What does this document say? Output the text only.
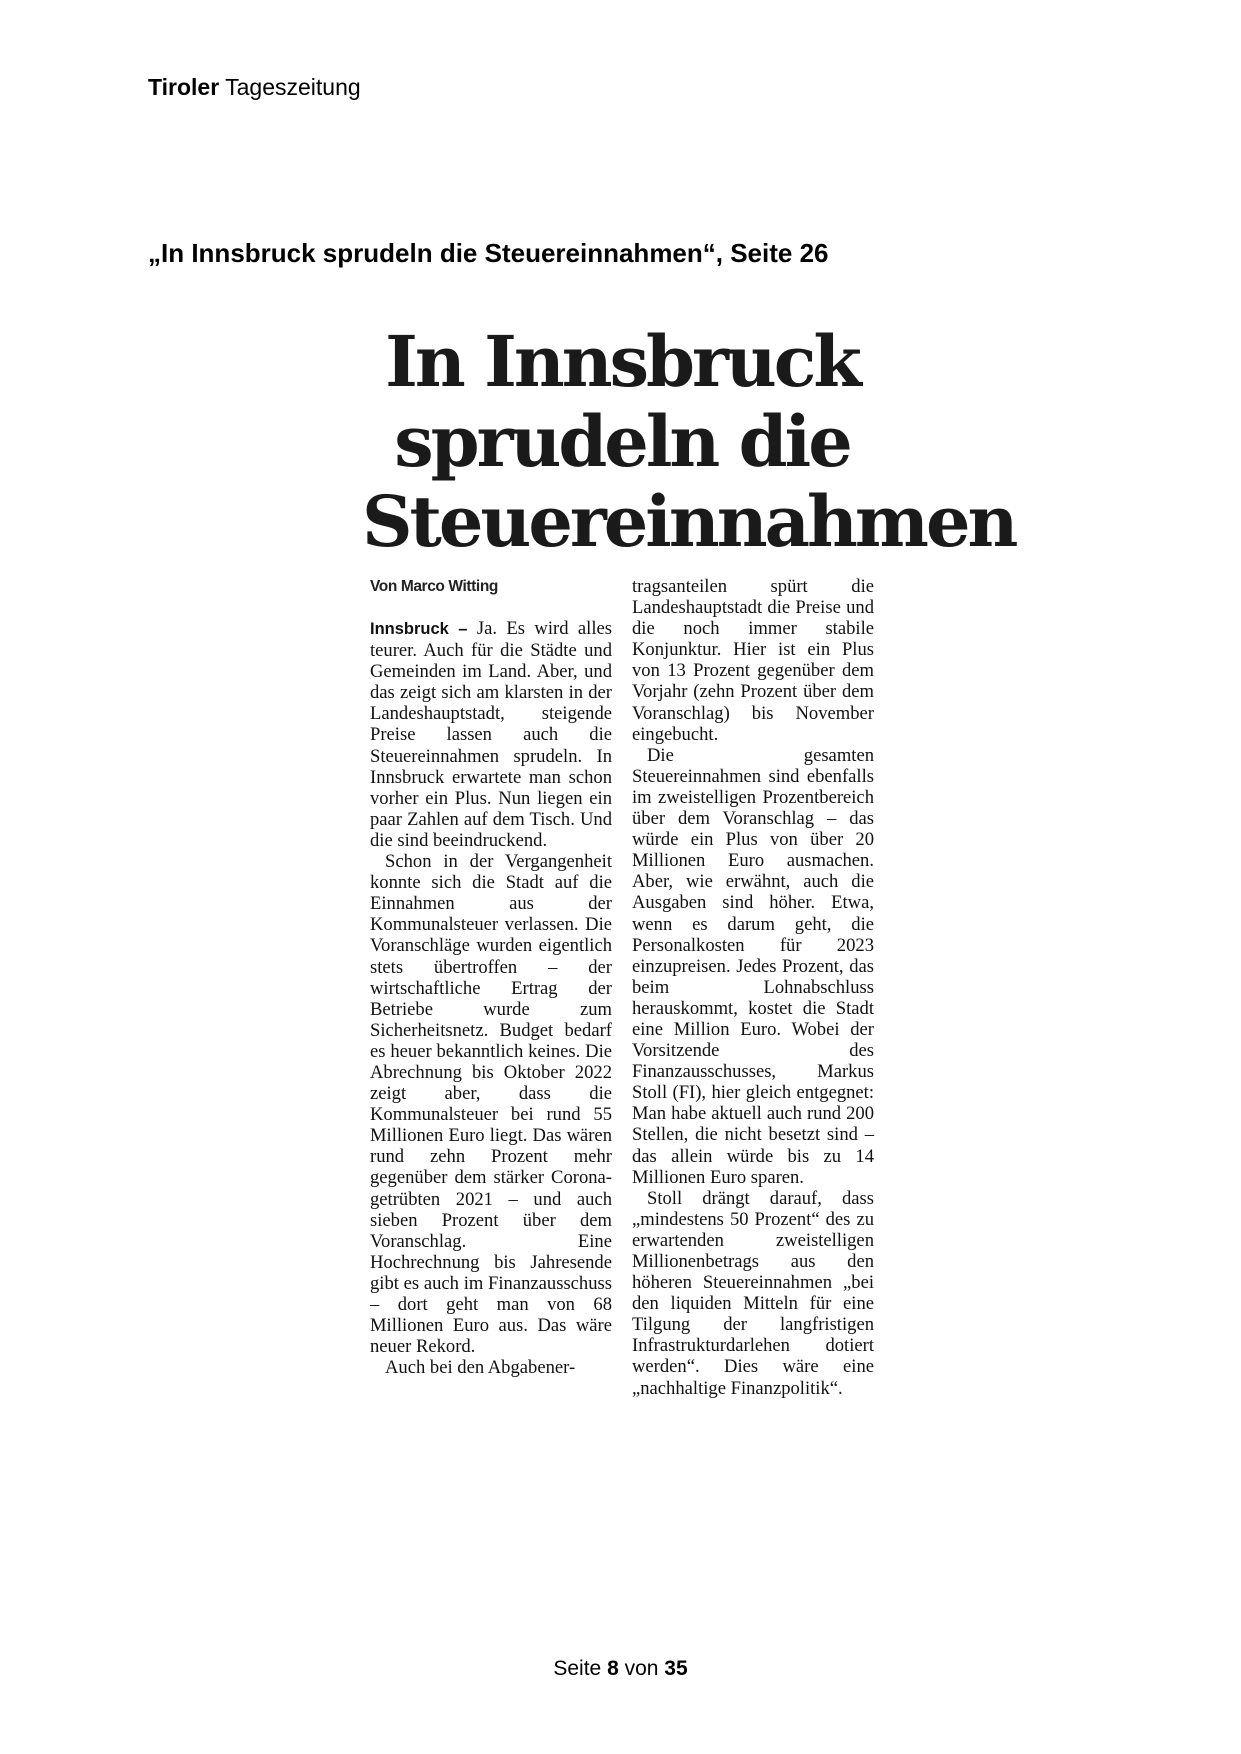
Tiroler Tageszeitung
„In Innsbruck sprudeln die Steuereinnahmen“, Seite 26
In Innsbruck
sprudeln die
Steuereinnahmen
Von Marco Witting

Innsbruck – Ja. Es wird alles teurer. Auch für die Städte und Gemeinden im Land. Aber, und das zeigt sich am klarsten in der Landeshauptstadt, steigende Preise lassen auch die Steuereinnahmen sprudeln. In Innsbruck erwartete man schon vorher ein Plus. Nun liegen ein paar Zahlen auf dem Tisch. Und die sind beeindruckend.

Schon in der Vergangenheit konnte sich die Stadt auf die Einnahmen aus der Kommunalsteuer verlassen. Die Voranschläge wurden eigentlich stets übertroffen – der wirtschaftliche Ertrag der Betriebe wurde zum Sicherheitsnetz. Budget bedarf es heuer bekanntlich keines. Die Abrechnung bis Oktober 2022 zeigt aber, dass die Kommunalsteuer bei rund 55 Millionen Euro liegt. Das wären rund zehn Prozent mehr gegenüber dem stärker Corona-getrübten 2021 – und auch sieben Prozent über dem Voranschlag. Eine Hochrechnung bis Jahresende gibt es auch im Finanzausschuss – dort geht man von 68 Millionen Euro aus. Das wäre neuer Rekord.

Auch bei den Abgabener-

tragsanteilen spürt die Landeshauptstadt die Preise und die noch immer stabile Konjunktur. Hier ist ein Plus von 13 Prozent gegenüber dem Vorjahr (zehn Prozent über dem Voranschlag) bis November eingebucht.

Die gesamten Steuereinnahmen sind ebenfalls im zweistelligen Prozentbereich über dem Voranschlag – das würde ein Plus von über 20 Millionen Euro ausmachen. Aber, wie erwähnt, auch die Ausgaben sind höher. Etwa, wenn es darum geht, die Personalkosten für 2023 einzupreisen. Jedes Prozent, das beim Lohnabschluss herauskommt, kostet die Stadt eine Million Euro. Wobei der Vorsitzende des Finanzausschusses, Markus Stoll (FI), hier gleich entgegnet: Man habe aktuell auch rund 200 Stellen, die nicht besetzt sind – das allein würde bis zu 14 Millionen Euro sparen.

Stoll drängt darauf, dass „mindestens 50 Prozent“ des zu erwartenden zweistelligen Millionenbetrags aus den höheren Steuereinnahmen „bei den liquiden Mitteln für eine Tilgung der langfristigen Infrastrukturdarlehen dotiert werden“. Dies wäre eine „nachhaltige Finanzpolitik“.

Seite 8 von 35
